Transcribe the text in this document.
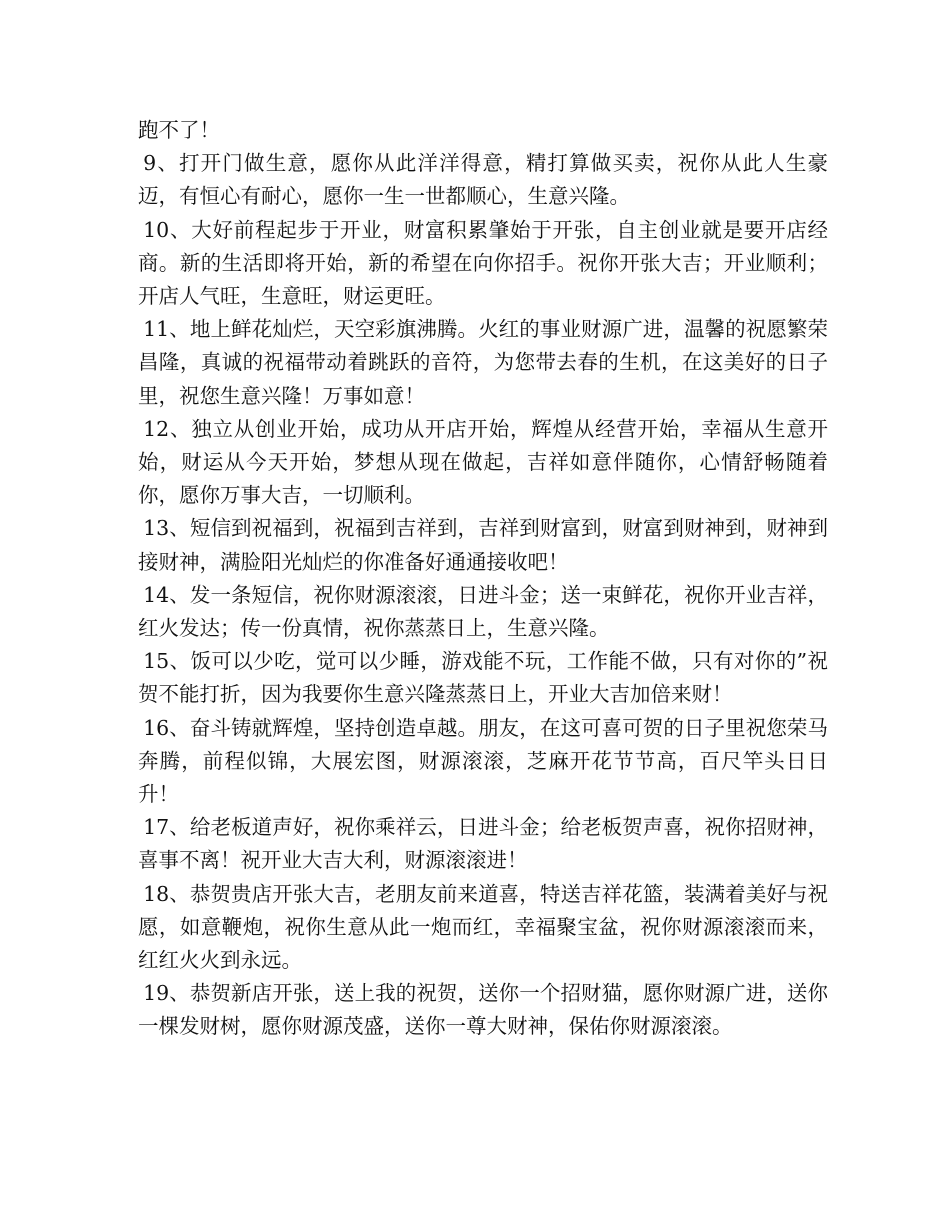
跑不了！

9、打开门做生意，愿你从此洋洋得意，精打算做买卖，祝你从此人生豪迈，有恒心有耐心，愿你一生一世都顺心，生意兴隆。

10、大好前程起步于开业，财富积累肇始于开张，自主创业就是要开店经商。新的生活即将开始，新的希望在向你招手。祝你开张大吉；开业顺利；开店人气旺，生意旺，财运更旺。

11、地上鲜花灿烂，天空彩旗沸腾。火红的事业财源广进，温馨的祝愿繁荣昌隆，真诚的祝福带动着跳跃的音符，为您带去春的生机，在这美好的日子里，祝您生意兴隆！万事如意！

12、独立从创业开始，成功从开店开始，辉煌从经营开始，幸福从生意开始，财运从今天开始，梦想从现在做起，吉祥如意伴随你，心情舒畅随着你，愿你万事大吉，一切顺利。

13、短信到祝福到，祝福到吉祥到，吉祥到财富到，财富到财神到，财神到接财神，满脸阳光灿烂的你准备好通通接收吧！

14、发一条短信，祝你财源滚滚，日进斗金；送一束鲜花，祝你开业吉祥，红火发达；传一份真情，祝你蒸蒸日上，生意兴隆。

15、饭可以少吃，觉可以少睡，游戏能不玩，工作能不做，只有对你的”祝贺不能打折，因为我要你生意兴隆蒸蒸日上，开业大吉加倍来财！

16、奋斗铸就辉煌，坚持创造卓越。朋友，在这可喜可贺的日子里祝您荣马奔腾，前程似锦，大展宏图，财源滚滚，芝麻开花节节高，百尺竿头日日升！

17、给老板道声好，祝你乘祥云，日进斗金；给老板贺声喜，祝你招财神，喜事不离！祝开业大吉大利，财源滚滚进！

18、恭贺贵店开张大吉，老朋友前来道喜，特送吉祥花篮，装满着美好与祝愿，如意鞭炮，祝你生意从此一炮而红，幸福聚宝盆，祝你财源滚滚而来，红红火火到永远。

19、恭贺新店开张，送上我的祝贺，送你一个招财猫，愿你财源广进，送你一棵发财树，愿你财源茂盛，送你一尊大财神，保佑你财源滚滚。
